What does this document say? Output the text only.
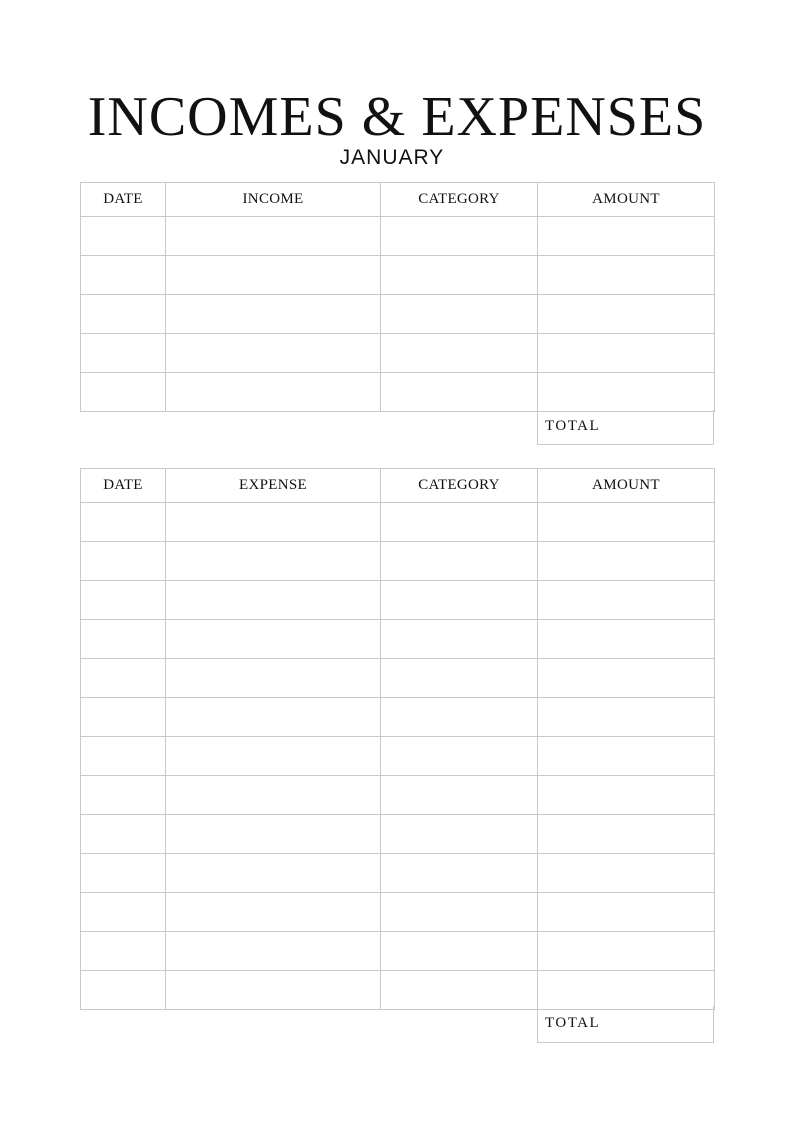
INCOMES & EXPENSES
JANUARY
DATE	INCOME	CATEGORY	AMOUNT

TOTAL
DATE	EXPENSE	CATEGORY	AMOUNT

TOTAL
